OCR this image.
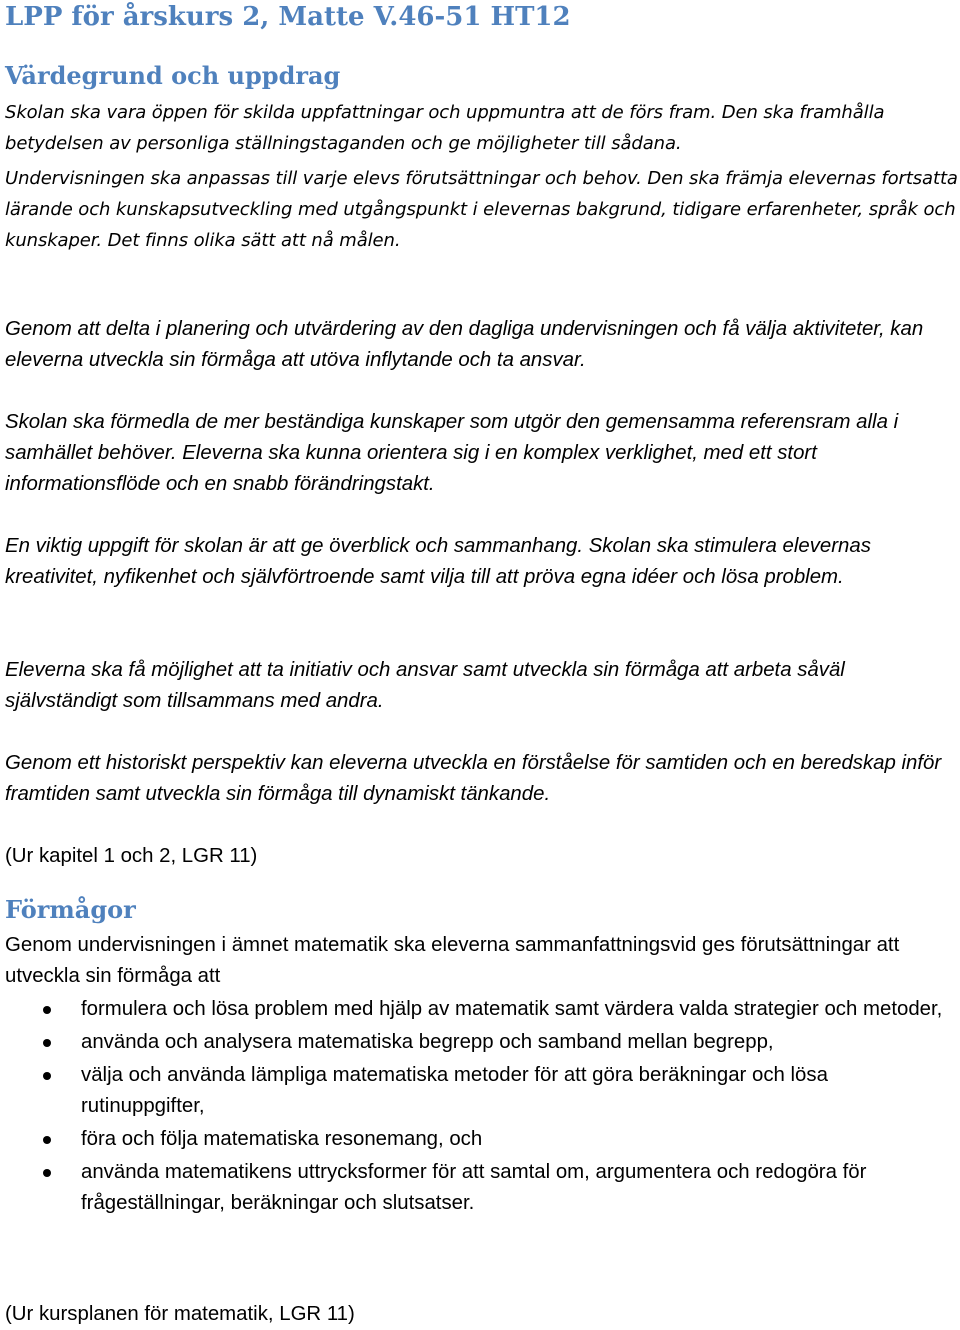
LPP för årskurs 2, Matte V.46-51 HT12
Värdegrund och uppdrag

Skolan ska vara öppen för skilda uppfattningar och uppmuntra att de förs fram. Den ska framhålla betydelsen av personliga ställningstaganden och ge möjligheter till sådana.

Undervisningen ska anpassas till varje elevs förutsättningar och behov. Den ska främja elevernas fortsatta lärande och kunskapsutveckling med utgångspunkt i elevernas bakgrund, tidigare erfarenheter, språk och kunskaper. Det finns olika sätt att nå målen.

Genom att delta i planering och utvärdering av den dagliga undervisningen och få välja aktiviteter, kan eleverna utveckla sin förmåga att utöva inflytande och ta ansvar.

Skolan ska förmedla de mer beständiga kunskaper som utgör den gemensamma referensram alla i samhället behöver. Eleverna ska kunna orientera sig i en komplex verklighet, med ett stort informationsflöde och en snabb förändringstakt.

En viktig uppgift för skolan är att ge överblick och sammanhang. Skolan ska stimulera elevernas kreativitet, nyfikenhet och självförtroende samt vilja till att pröva egna idéer och lösa problem.

Eleverna ska få möjlighet att ta initiativ och ansvar samt utveckla sin förmåga att arbeta såväl självständigt som tillsammans med andra.

Genom ett historiskt perspektiv kan eleverna utveckla en förståelse för samtiden och en beredskap inför framtiden samt utveckla sin förmåga till dynamiskt tänkande.

(Ur kapitel 1 och 2, LGR 11)

Förmågor

Genom undervisningen i ämnet matematik ska eleverna sammanfattningsvid ges förutsättningar att utveckla sin förmåga att

formulera och lösa problem med hjälp av matematik samt värdera valda strategier och metoder,
använda och analysera matematiska begrepp och samband mellan begrepp,
välja och använda lämpliga matematiska metoder för att göra beräkningar och lösa rutinuppgifter,
föra och följa matematiska resonemang, och
använda matematikens uttrycksformer för att samtal om, argumentera och redogöra för frågeställningar, beräkningar och slutsatser.

(Ur kursplanen för matematik, LGR 11)
